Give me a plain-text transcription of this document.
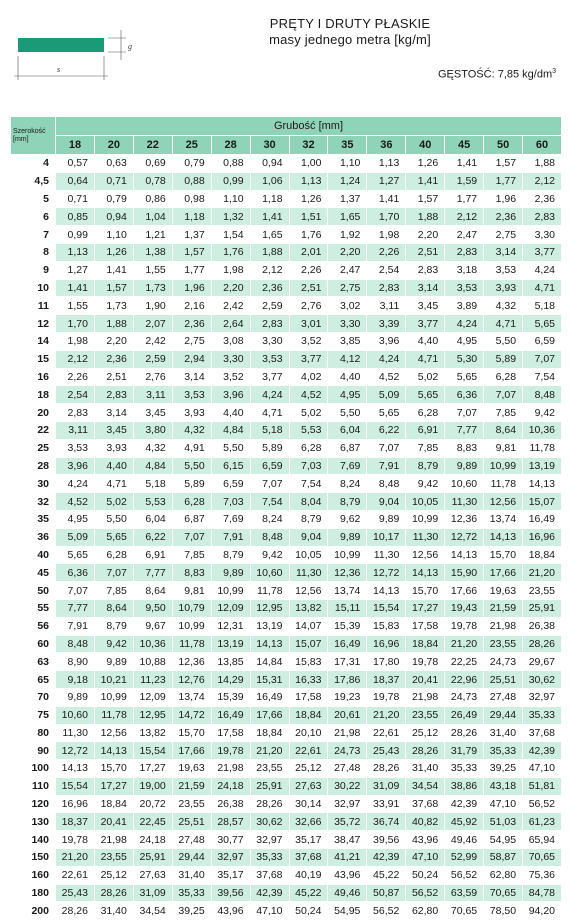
g
s
PRĘTY I DRUTY PŁASKIE
masy jednego metra [kg/m]
GĘSTOŚĆ: 7,85 $kg/dm^3$
Szerokość
[mm]	Grubość [mm]												
	18	20	22	25	28	30	32	35	36	40	45	50	60
4	0,57	0,63	0,69	0,79	0,88	0,94	1,00	1,10	1,13	1,26	1,41	1,57	1,88
4,5	0,64	0,71	0,78	0,88	0,99	1,06	1,13	1,24	1,27	1,41	1,59	1,77	2,12
5	0,71	0,79	0,86	0,98	1,10	1,18	1,26	1,37	1,41	1,57	1,77	1,96	2,36
6	0,85	0,94	1,04	1,18	1,32	1,41	1,51	1,65	1,70	1,88	2,12	2,36	2,83
7	0,99	1,10	1,21	1,37	1,54	1,65	1,76	1,92	1,98	2,20	2,47	2,75	3,30
8	1,13	1,26	1,38	1,57	1,76	1,88	2,01	2,20	2,26	2,51	2,83	3,14	3,77
9	1,27	1,41	1,55	1,77	1,98	2,12	2,26	2,47	2,54	2,83	3,18	3,53	4,24
10	1,41	1,57	1,73	1,96	2,20	2,36	2,51	2,75	2,83	3,14	3,53	3,93	4,71
11	1,55	1,73	1,90	2,16	2,42	2,59	2,76	3,02	3,11	3,45	3,89	4,32	5,18
12	1,70	1,88	2,07	2,36	2,64	2,83	3,01	3,30	3,39	3,77	4,24	4,71	5,65
14	1,98	2,20	2,42	2,75	3,08	3,30	3,52	3,85	3,96	4,40	4,95	5,50	6,59
15	2,12	2,36	2,59	2,94	3,30	3,53	3,77	4,12	4,24	4,71	5,30	5,89	7,07
16	2,26	2,51	2,76	3,14	3,52	3,77	4,02	4,40	4,52	5,02	5,65	6,28	7,54
18	2,54	2,83	3,11	3,53	3,96	4,24	4,52	4,95	5,09	5,65	6,36	7,07	8,48
20	2,83	3,14	3,45	3,93	4,40	4,71	5,02	5,50	5,65	6,28	7,07	7,85	9,42
22	3,11	3,45	3,80	4,32	4,84	5,18	5,53	6,04	6,22	6,91	7,77	8,64	10,36
25	3,53	3,93	4,32	4,91	5,50	5,89	6,28	6,87	7,07	7,85	8,83	9,81	11,78
28	3,96	4,40	4,84	5,50	6,15	6,59	7,03	7,69	7,91	8,79	9,89	10,99	13,19
30	4,24	4,71	5,18	5,89	6,59	7,07	7,54	8,24	8,48	9,42	10,60	11,78	14,13
32	4,52	5,02	5,53	6,28	7,03	7,54	8,04	8,79	9,04	10,05	11,30	12,56	15,07
35	4,95	5,50	6,04	6,87	7,69	8,24	8,79	9,62	9,89	10,99	12,36	13,74	16,49
36	5,09	5,65	6,22	7,07	7,91	8,48	9,04	9,89	10,17	11,30	12,72	14,13	16,96
40	5,65	6,28	6,91	7,85	8,79	9,42	10,05	10,99	11,30	12,56	14,13	15,70	18,84
45	6,36	7,07	7,77	8,83	9,89	10,60	11,30	12,36	12,72	14,13	15,90	17,66	21,20
50	7,07	7,85	8,64	9,81	10,99	11,78	12,56	13,74	14,13	15,70	17,66	19,63	23,55
55	7,77	8,64	9,50	10,79	12,09	12,95	13,82	15,11	15,54	17,27	19,43	21,59	25,91
56	7,91	8,79	9,67	10,99	12,31	13,19	14,07	15,39	15,83	17,58	19,78	21,98	26,38
60	8,48	9,42	10,36	11,78	13,19	14,13	15,07	16,49	16,96	18,84	21,20	23,55	28,26
63	8,90	9,89	10,88	12,36	13,85	14,84	15,83	17,31	17,80	19,78	22,25	24,73	29,67
65	9,18	10,21	11,23	12,76	14,29	15,31	16,33	17,86	18,37	20,41	22,96	25,51	30,62
70	9,89	10,99	12,09	13,74	15,39	16,49	17,58	19,23	19,78	21,98	24,73	27,48	32,97
75	10,60	11,78	12,95	14,72	16,49	17,66	18,84	20,61	21,20	23,55	26,49	29,44	35,33
80	11,30	12,56	13,82	15,70	17,58	18,84	20,10	21,98	22,61	25,12	28,26	31,40	37,68
90	12,72	14,13	15,54	17,66	19,78	21,20	22,61	24,73	25,43	28,26	31,79	35,33	42,39
100	14,13	15,70	17,27	19,63	21,98	23,55	25,12	27,48	28,26	31,40	35,33	39,25	47,10
110	15,54	17,27	19,00	21,59	24,18	25,91	27,63	30,22	31,09	34,54	38,86	43,18	51,81
120	16,96	18,84	20,72	23,55	26,38	28,26	30,14	32,97	33,91	37,68	42,39	47,10	56,52
130	18,37	20,41	22,45	25,51	28,57	30,62	32,66	35,72	36,74	40,82	45,92	51,03	61,23
140	19,78	21,98	24,18	27,48	30,77	32,97	35,17	38,47	39,56	43,96	49,46	54,95	65,94
150	21,20	23,55	25,91	29,44	32,97	35,33	37,68	41,21	42,39	47,10	52,99	58,87	70,65
160	22,61	25,12	27,63	31,40	35,17	37,68	40,19	43,96	45,22	50,24	56,52	62,80	75,36
180	25,43	28,26	31,09	35,33	39,56	42,39	45,22	49,46	50,87	56,52	63,59	70,65	84,78
200	28,26	31,40	34,54	39,25	43,96	47,10	50,24	54,95	56,52	62,80	70,65	78,50	94,20
